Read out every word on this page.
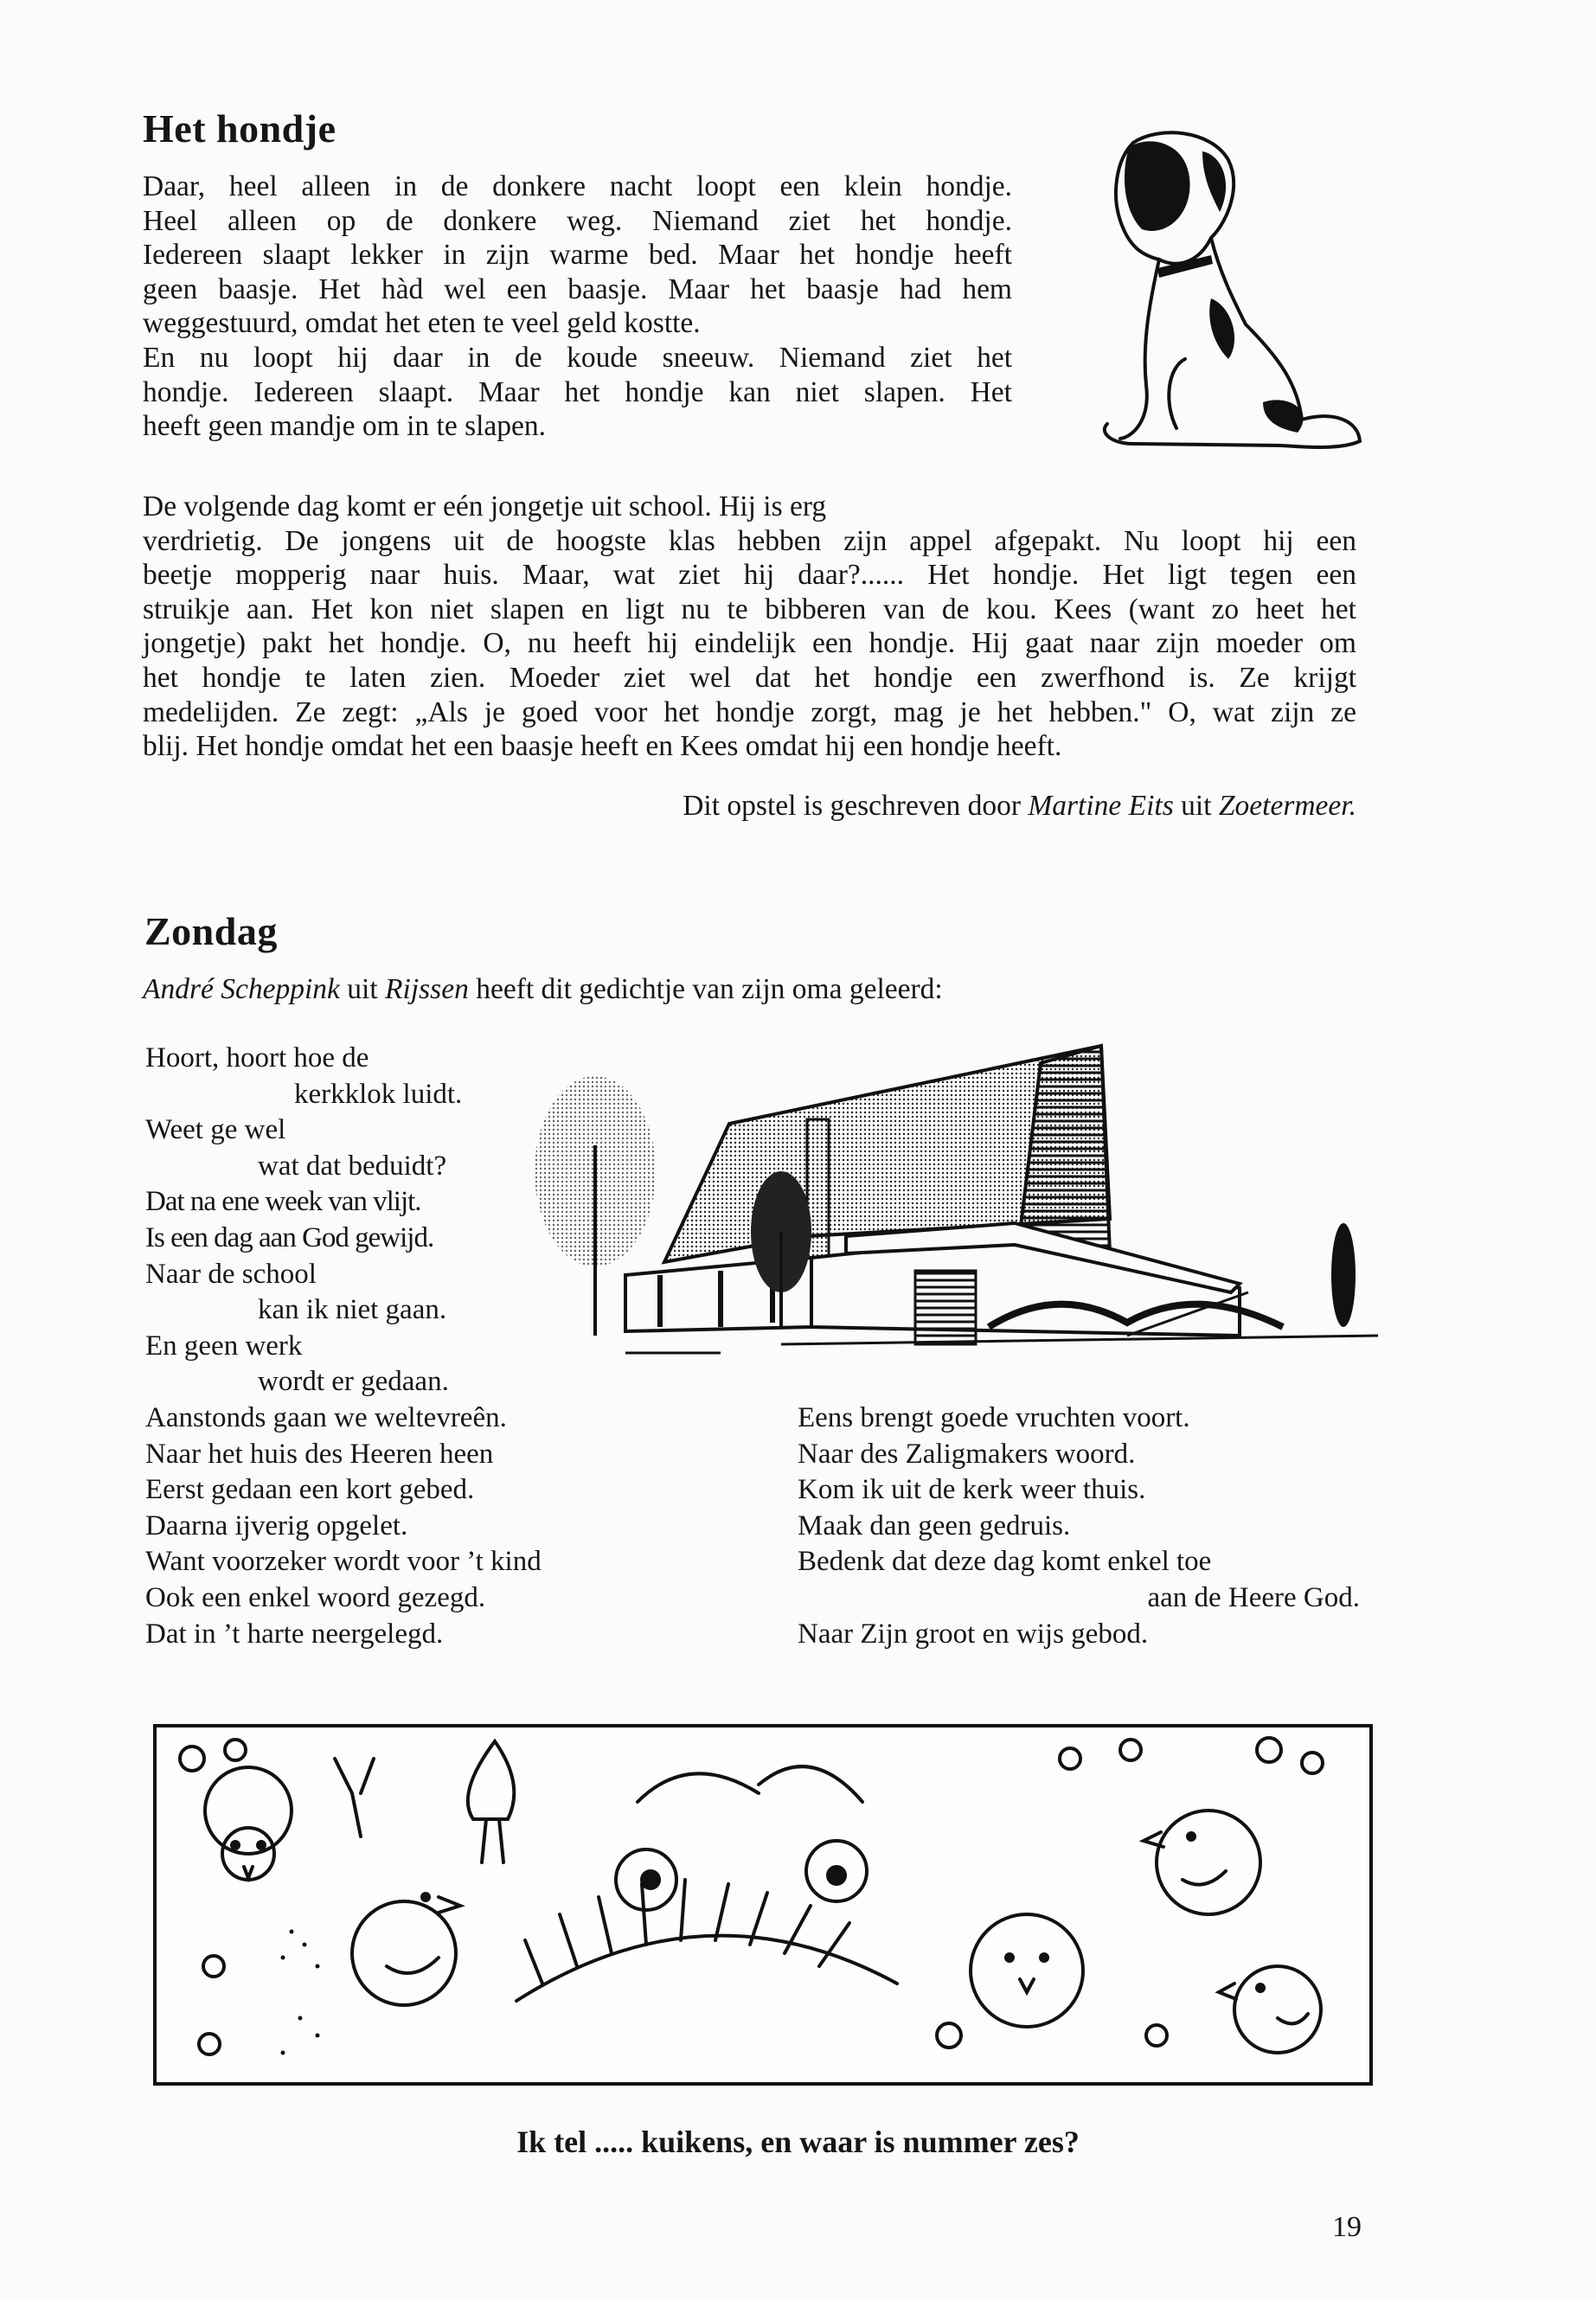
Het hondje
Daar, heel alleen in de donkere nacht loopt een klein hondje.
Heel alleen op de donkere weg. Niemand ziet het hondje.
Iedereen slaapt lekker in zijn warme bed. Maar het hondje heeft
geen baasje. Het hàd wel een baasje. Maar het baasje had hem
weggestuurd, omdat het eten te veel geld kostte.
En nu loopt hij daar in de koude sneeuw. Niemand ziet het
hondje. Iedereen slaapt. Maar het hondje kan niet slapen. Het
heeft geen mandje om in te slapen.
De volgende dag komt er eén jongetje uit school. Hij is erg
verdrietig. De jongens uit de hoogste klas hebben zijn appel afgepakt. Nu loopt hij een
beetje mopperig naar huis. Maar, wat ziet hij daar?...... Het hondje. Het ligt tegen een
struikje aan. Het kon niet slapen en ligt nu te bibberen van de kou. Kees (want zo heet het
jongetje) pakt het hondje. O, nu heeft hij eindelijk een hondje. Hij gaat naar zijn moeder om
het hondje te laten zien. Moeder ziet wel dat het hondje een zwerfhond is. Ze krijgt
medelijden. Ze zegt: „Als je goed voor het hondje zorgt, mag je het hebben." O, wat zijn ze
blij. Het hondje omdat het een baasje heeft en Kees omdat hij een hondje heeft.
Dit opstel is geschreven door Martine Eits uit Zoetermeer.
Zondag
André Scheppink uit Rijssen heeft dit gedichtje van zijn oma geleerd:
Hoort, hoort hoe de
kerkklok luidt.
Weet ge wel
wat dat beduidt?
Dat na ene week van vlijt.
Is een dag aan God gewijd.
Naar de school
kan ik niet gaan.
En geen werk
wordt er gedaan.
Aanstonds gaan we weltevreên.
Naar het huis des Heeren heen
Eerst gedaan een kort gebed.
Daarna ijverig opgelet.
Want voorzeker wordt voor ’t kind
Ook een enkel woord gezegd.
Dat in ’t harte neergelegd.
Eens brengt goede vruchten voort.
Naar des Zaligmakers woord.
Kom ik uit de kerk weer thuis.
Maak dan geen gedruis.
Bedenk dat deze dag komt enkel toe
aan de Heere God.
Naar Zijn groot en wijs gebod.
Ik tel ..... kuikens, en waar is nummer zes?
19
